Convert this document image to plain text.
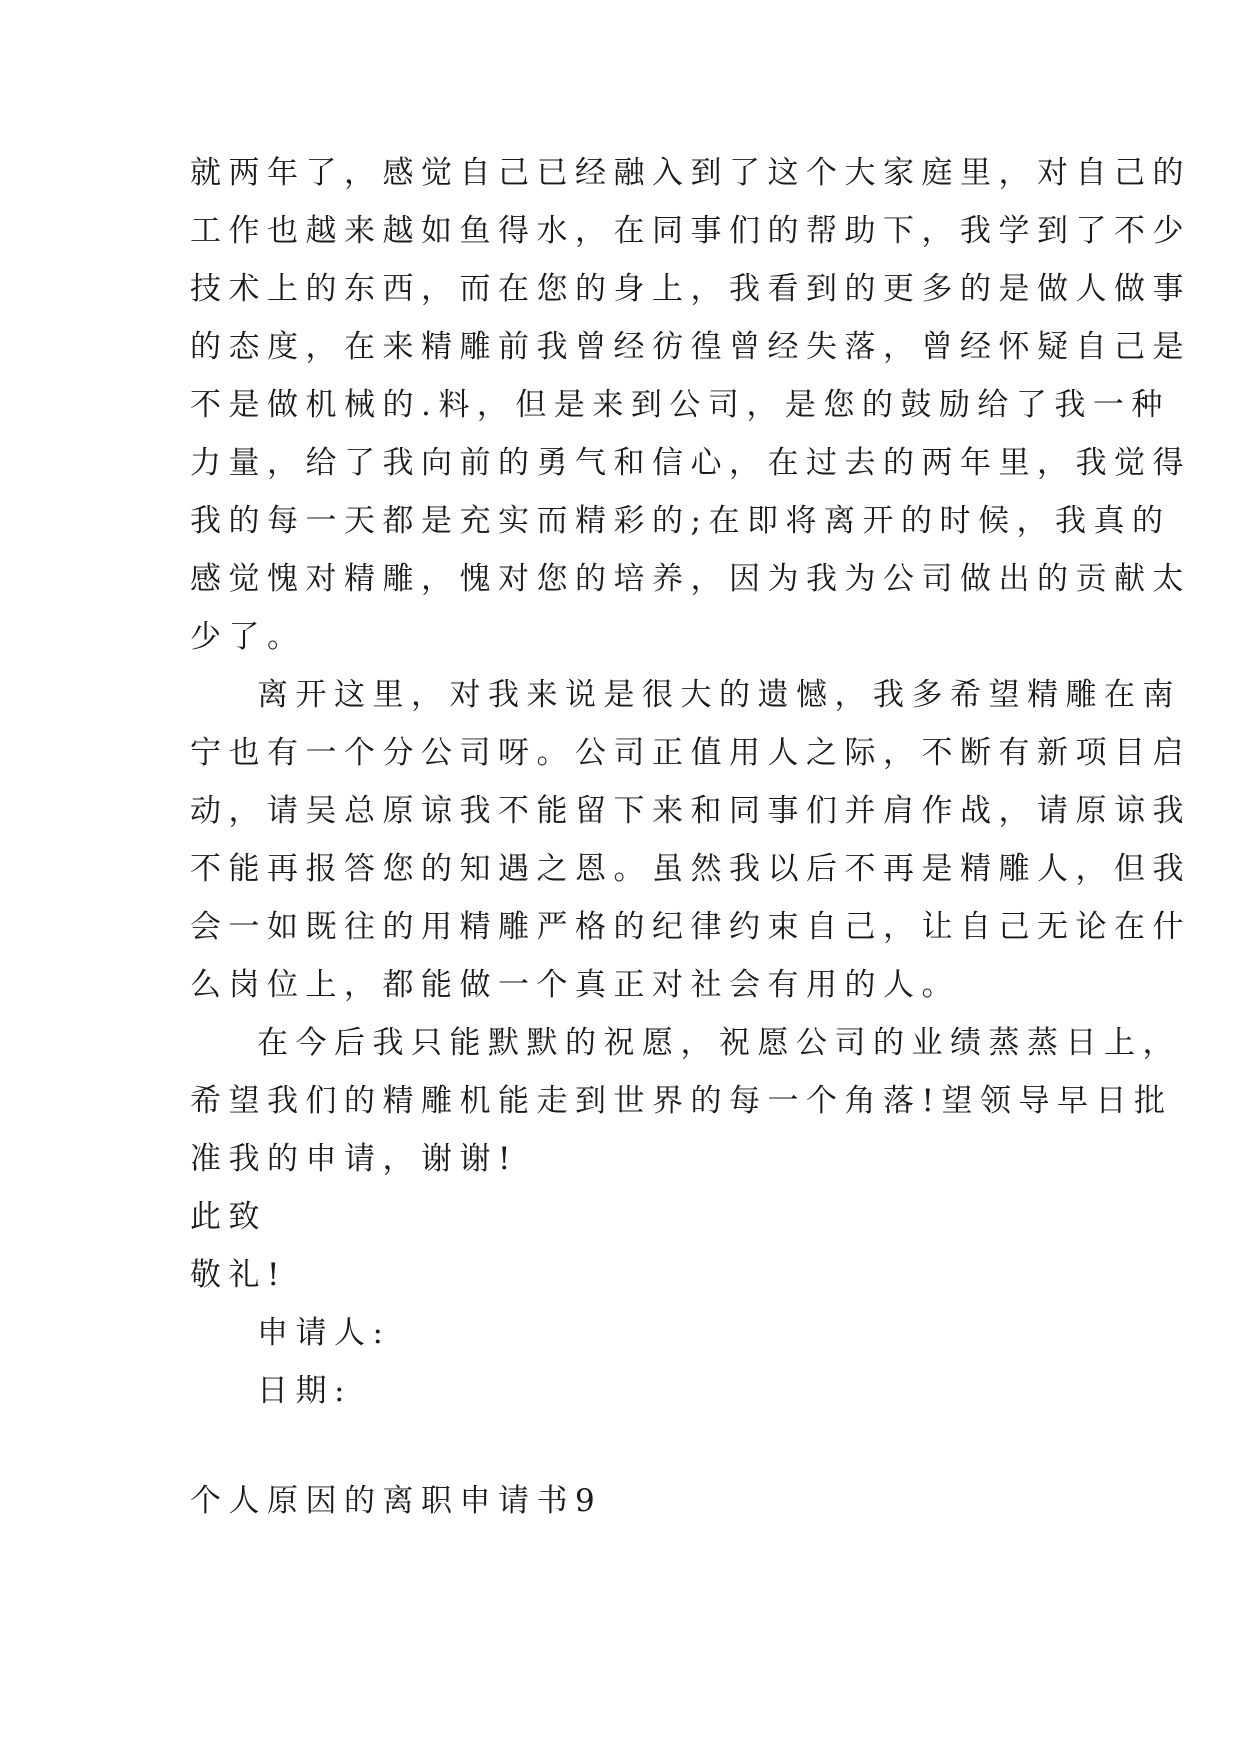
就两年了，感觉自己已经融入到了这个大家庭里，对自己的
工作也越来越如鱼得水，在同事们的帮助下，我学到了不少
技术上的东西，而在您的身上，我看到的更多的是做人做事
的态度，在来精雕前我曾经彷徨曾经失落，曾经怀疑自己是
不是做机械的.料，但是来到公司，是您的鼓励给了我一种
力量，给了我向前的勇气和信心，在过去的两年里，我觉得
我的每一天都是充实而精彩的;在即将离开的时候，我真的
感觉愧对精雕，愧对您的培养，因为我为公司做出的贡献太
少了。
离开这里，对我来说是很大的遗憾，我多希望精雕在南
宁也有一个分公司呀。公司正值用人之际，不断有新项目启
动，请吴总原谅我不能留下来和同事们并肩作战，请原谅我
不能再报答您的知遇之恩。虽然我以后不再是精雕人，但我
会一如既往的用精雕严格的纪律约束自己，让自己无论在什
么岗位上，都能做一个真正对社会有用的人。
在今后我只能默默的祝愿，祝愿公司的业绩蒸蒸日上，
希望我们的精雕机能走到世界的每一个角落!望领导早日批
准我的申请，谢谢!
此致
敬礼!
申请人:
日期:
个人原因的离职申请书9
